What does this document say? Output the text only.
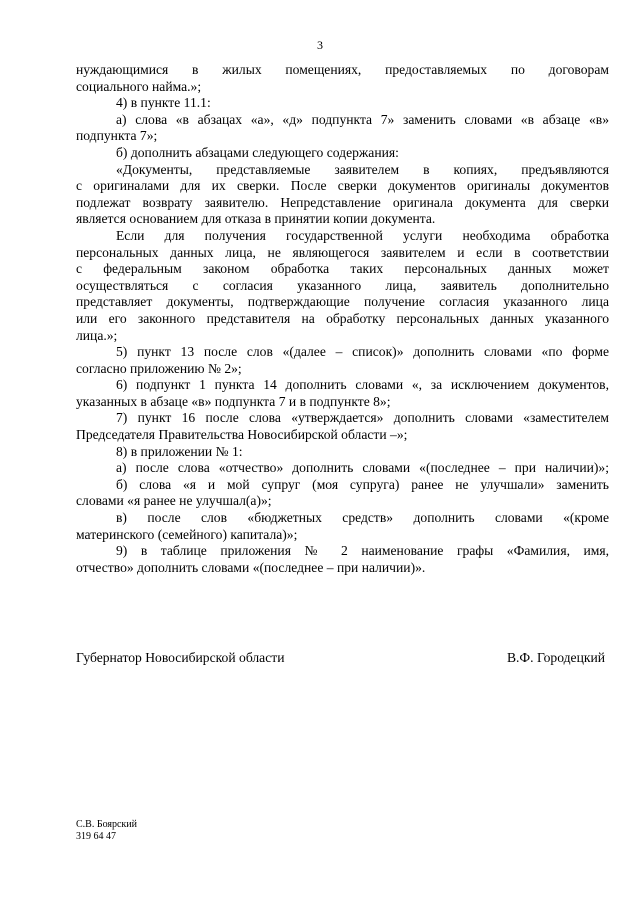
3

нуждающимися в жилых помещениях, предоставляемых по договорам

социального найма.»;

4) в пункте 11.1:

а) слова «в абзацах «а», «д» подпункта 7» заменить словами «в абзаце «в»

подпункта 7»;

б) дополнить абзацами следующего содержания:

«Документы, представляемые заявителем в копиях, предъявляются

с оригиналами для их сверки. После сверки документов оригиналы документов

подлежат возврату заявителю. Непредставление оригинала документа для сверки

является основанием для отказа в принятии копии документа.

Если для получения государственной услуги необходима обработка

персональных данных лица, не являющегося заявителем и если в соответствии

с федеральным законом обработка таких персональных данных может

осуществляться с согласия указанного лица, заявитель дополнительно

представляет документы, подтверждающие получение согласия указанного лица

или его законного представителя на обработку персональных данных указанного

лица.»;

5) пункт 13 после слов «(далее – список)» дополнить словами «по форме

согласно приложению № 2»;

6) подпункт 1 пункта 14 дополнить словами «, за исключением документов,

указанных в абзаце «в» подпункта 7 и в подпункте 8»;

7) пункт 16 после слова «утверждается» дополнить словами «заместителем

Председателя Правительства Новосибирской области –»;

8) в приложении № 1:

а) после слова «отчество» дополнить словами «(последнее – при наличии)»;

б) слова «я и мой супруг (моя супруга) ранее не улучшали» заменить

словами «я ранее не улучшал(а)»;

в) после слов «бюджетных средств» дополнить словами «(кроме

материнского (семейного) капитала)»;

9) в таблице приложения № 2 наименование графы «Фамилия, имя,

отчество» дополнить словами «(последнее – при наличии)».

Губернатор Новосибирской области	В.Ф. Городецкий
С.В. Боярский
319 64 47
